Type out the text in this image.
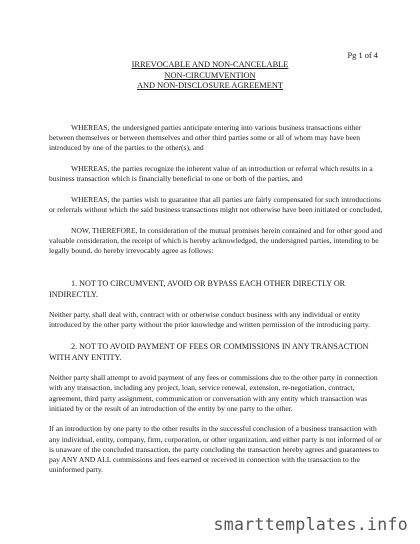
Pg 1 of 4
IRREVOCABLE AND NON-CANCELABLE
NON-CIRCUMVENTION
AND NON-DISCLOSURE AGREEMENT

WHEREAS, the undersigned parties anticipate entering into various business transactions either between themselves or between themselves and other third parties some or all of whom may have been introduced by one of the parties to the other(s), and

WHEREAS, the parties recognize the inherent value of an introduction or referral which results in a business transaction which is financially beneficial to one or both of the parties, and

WHEREAS, the parties wish to guarantee that all parties are fairly compensated for such introductions or referrals without which the said business transactions might not otherwise have been initiated or concluded,

NOW, THEREFORE, In consideration of the mutual promises herein contained and for other good and valuable consideration, the receipt of which is hereby acknowledged, the undersigned parties, intending to be legally bound, do hereby irrevocably agree as follows:

1. NOT TO CIRCUMVENT, AVOID OR BYPASS EACH OTHER DIRECTLY OR INDIRECTLY.

Neither party, shall deal with, contract with or otherwise conduct business with any individual or entity introduced by the other party without the prior knowledge and written permission of the introducing party.

2. NOT TO AVOID PAYMENT OF FEES OR COMMISSIONS IN ANY TRANSACTION WITH ANY ENTITY.

Neither party shall attempt to avoid payment of any fees or commissions due to the other party in connection with any transaction, including any project, loan, service renewal, extension, re-negotiation, contract, agreement, third party assignment, communication or conversation with any entity which transaction was initiated by or the result of an introduction of the entity by one party to the other.

If an introduction by one party to the other results in the successful conclusion of a business transaction with any individual, entity, company, firm, corporation, or other organization, and either party is not informed of or is unaware of the concluded transaction, the party concluding the transaction hereby agrees and guarantees to pay ANY AND ALL commissions and fees earned or received in connection with the transaction to the uninformed party.

smarttemplates.info
